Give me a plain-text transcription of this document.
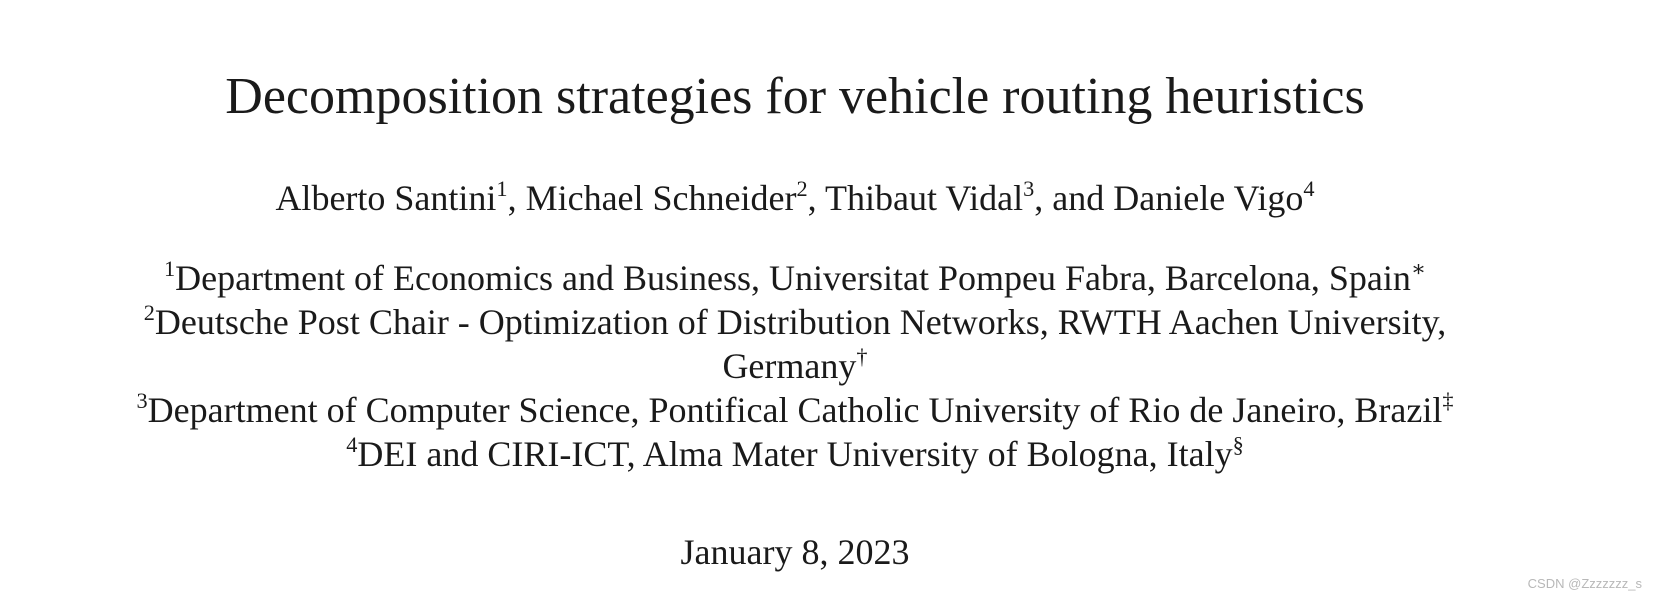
Decomposition strategies for vehicle routing heuristics
Alberto Santini$^1$, Michael Schneider$^2$, Thibaut Vidal$^3$, and Daniele Vigo$^4$
$^1$Department of Economics and Business, Universitat Pompeu Fabra, Barcelona, Spain∗
$^2$Deutsche Post Chair - Optimization of Distribution Networks, RWTH Aachen University,
Germany†
$^3$Department of Computer Science, Pontifical Catholic University of Rio de Janeiro, Brazil‡
$^4$DEI and CIRI-ICT, Alma Mater University of Bologna, Italy§
January 8, 2023
CSDN @Zzzzzzz_s
